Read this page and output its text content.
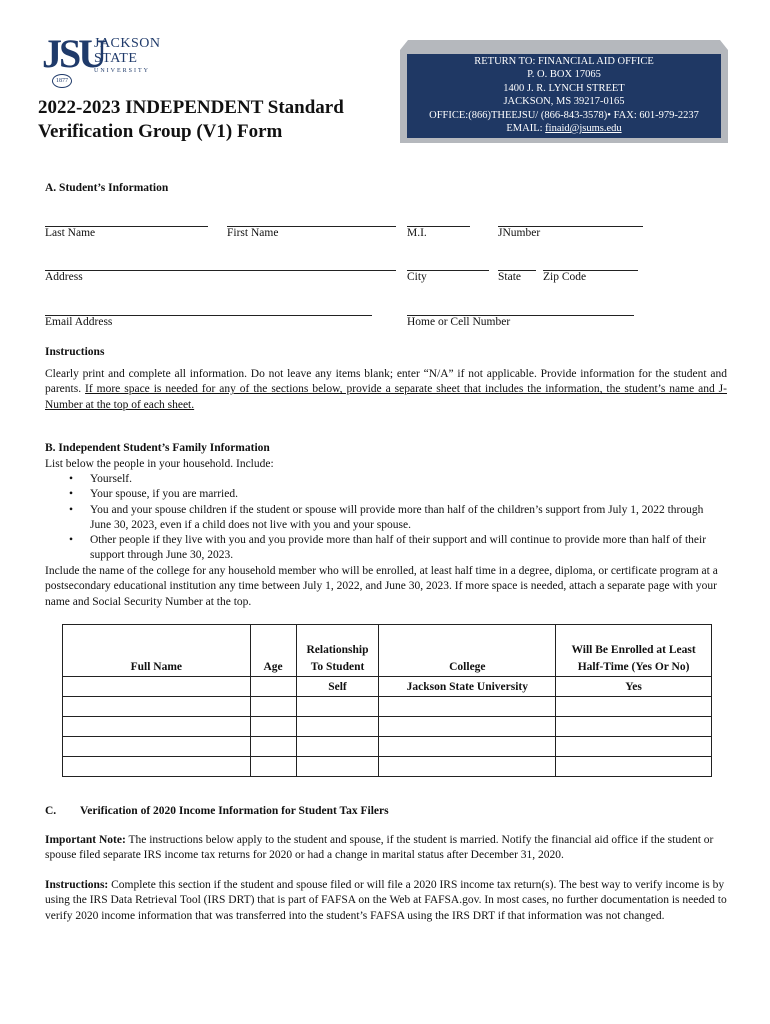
JSU
1877
JACKSON
STATE
UNIVERSITY
2022-2023 INDEPENDENT Standard
Verification Group (V1) Form
RETURN TO: FINANCIAL AID OFFICE
P. O. BOX 17065
1400 J. R. LYNCH STREET
JACKSON, MS 39217-0165
OFFICE:(866)THEEJSU/ (866-843-3578)• FAX: 601-979-2237
EMAIL: finaid@jsums.edu
A. Student’s Information
Last Name	First Name	M.I.	JNumber
Address	City	State Zip Code
Email Address	Home or Cell Number
Instructions
Clearly print and complete all information. Do not leave any items blank; enter “N/A” if not applicable. Provide information for the student and parents. If more space is needed for any of the sections below, provide a separate sheet that includes the information, the student’s name and J-Number at the top of each sheet.
B. Independent Student’s Family Information
List below the people in your household. Include:
• Yourself.
• Your spouse, if you are married.
• You and your spouse children if the student or spouse will provide more than half of the children’s support from July 1, 2022 through June 30, 2023, even if a child does not live with you and your spouse.
• Other people if they live with you and you provide more than half of their support and will continue to provide more than half of their support through June 30, 2023.
Include the name of the college for any household member who will be enrolled, at least half time in a degree, diploma, or certificate program at a postsecondary educational institution any time between July 1, 2022, and June 30, 2023. If more space is needed, attach a separate page with your name and Social Security Number at the top.
Full Name	Age	Relationship To Student	College	Will Be Enrolled at Least Half-Time (Yes Or No)
		Self	Jackson State University	Yes

C. Verification of 2020 Income Information for Student Tax Filers
Important Note: The instructions below apply to the student and spouse, if the student is married. Notify the financial aid office if the student or spouse filed separate IRS income tax returns for 2020 or had a change in marital status after December 31, 2020.
Instructions: Complete this section if the student and spouse filed or will file a 2020 IRS income tax return(s). The best way to verify income is by using the IRS Data Retrieval Tool (IRS DRT) that is part of FAFSA on the Web at FAFSA.gov. In most cases, no further documentation is needed to verify 2020 income information that was transferred into the student’s FAFSA using the IRS DRT if that information was not changed.
